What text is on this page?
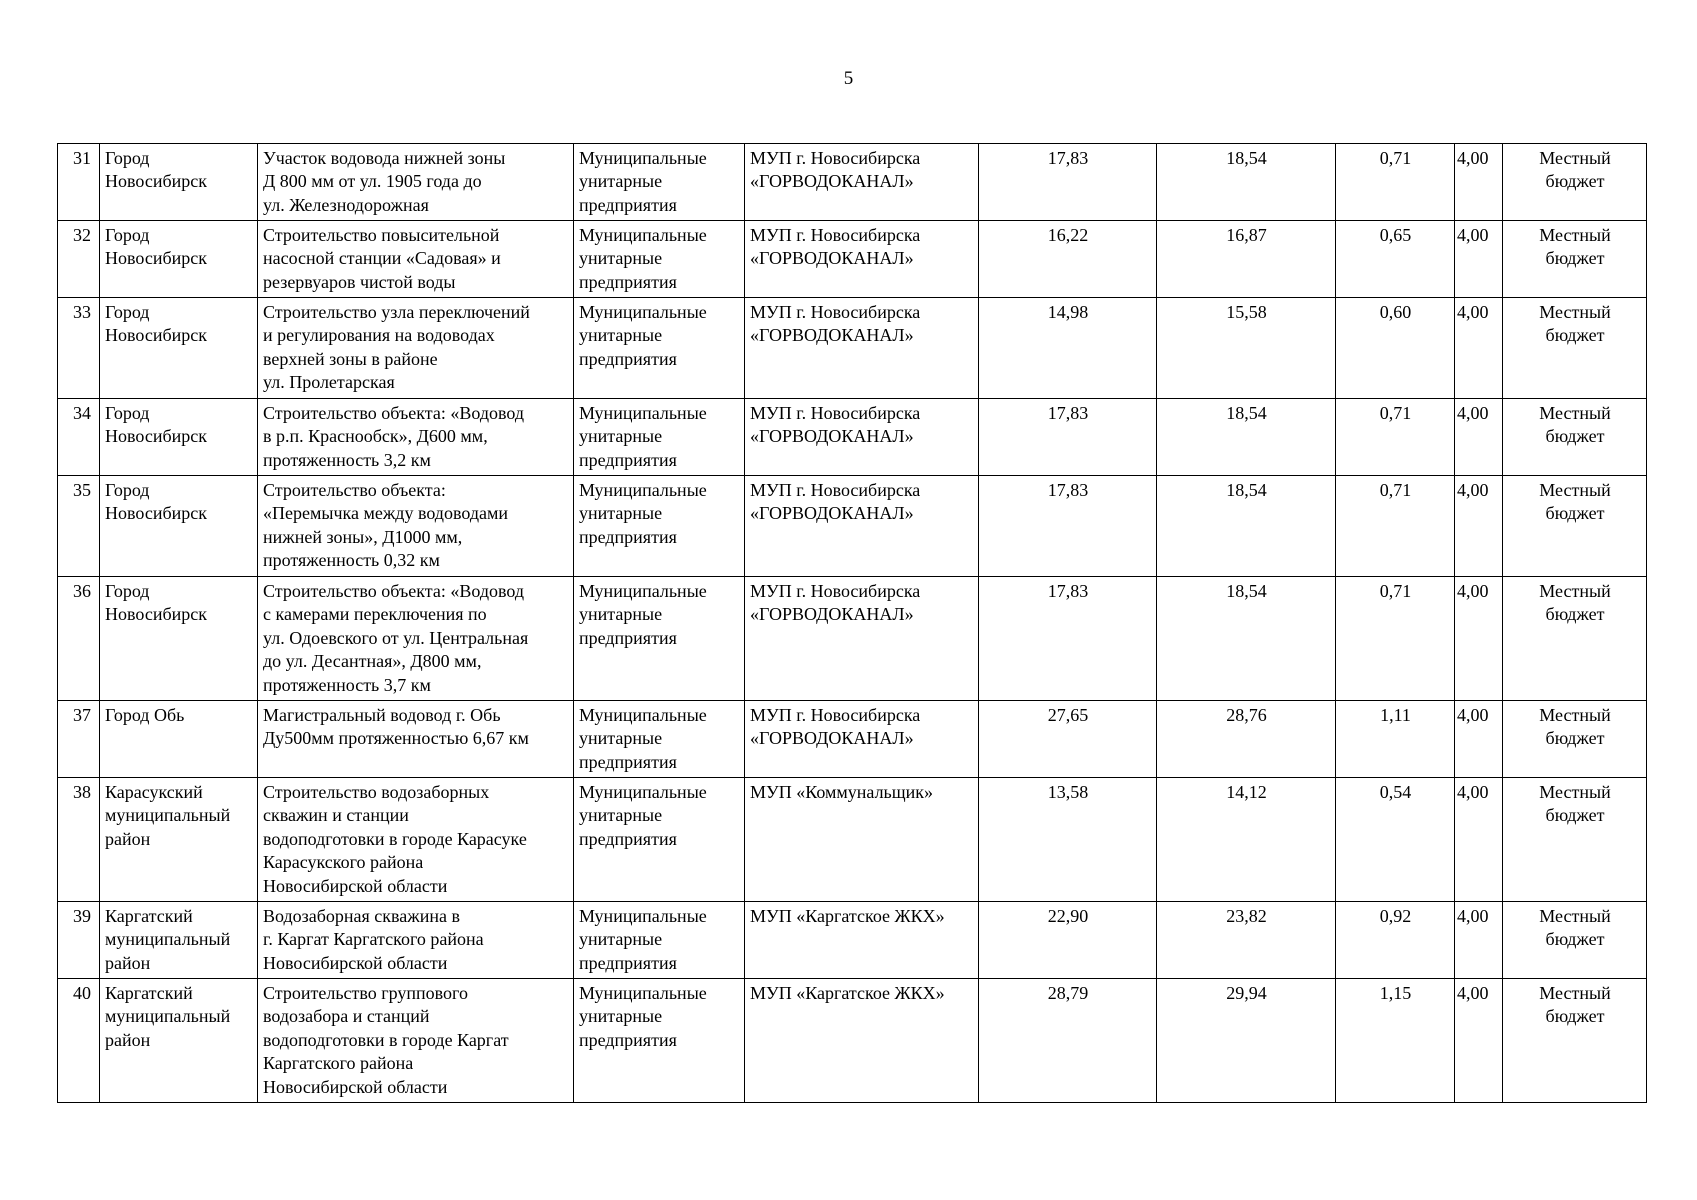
5
31	Город
Новосибирск	Участок водовода нижней зоны
Д 800 мм от ул. 1905 года до
ул. Железнодорожная	Муниципальные
унитарные
предприятия	МУП г. Новосибирска
«ГОРВОДОКАНАЛ»	17,83	18,54	0,71	4,00	Местный
бюджет
32	Город
Новосибирск	Строительство повысительной
насосной станции «Садовая» и
резервуаров чистой воды	Муниципальные
унитарные
предприятия	МУП г. Новосибирска
«ГОРВОДОКАНАЛ»	16,22	16,87	0,65	4,00	Местный
бюджет
33	Город
Новосибирск	Строительство узла переключений
и регулирования на водоводах
верхней зоны в районе
ул. Пролетарская	Муниципальные
унитарные
предприятия	МУП г. Новосибирска
«ГОРВОДОКАНАЛ»	14,98	15,58	0,60	4,00	Местный
бюджет
34	Город
Новосибирск	Строительство объекта: «Водовод
в р.п. Краснообск», Д600 мм,
протяженность 3,2 км	Муниципальные
унитарные
предприятия	МУП г. Новосибирска
«ГОРВОДОКАНАЛ»	17,83	18,54	0,71	4,00	Местный
бюджет
35	Город
Новосибирск	Строительство объекта:
«Перемычка между водоводами
нижней зоны», Д1000 мм,
протяженность 0,32 км	Муниципальные
унитарные
предприятия	МУП г. Новосибирска
«ГОРВОДОКАНАЛ»	17,83	18,54	0,71	4,00	Местный
бюджет
36	Город
Новосибирск	Строительство объекта: «Водовод
с камерами переключения по
ул. Одоевского от ул. Центральная
до ул. Десантная», Д800 мм,
протяженность 3,7 км	Муниципальные
унитарные
предприятия	МУП г. Новосибирска
«ГОРВОДОКАНАЛ»	17,83	18,54	0,71	4,00	Местный
бюджет
37	Город Обь	Магистральный водовод г. Обь
Ду500мм протяженностью 6,67 км	Муниципальные
унитарные
предприятия	МУП г. Новосибирска
«ГОРВОДОКАНАЛ»	27,65	28,76	1,11	4,00	Местный
бюджет
38	Карасукский
муниципальный
район	Строительство водозаборных
скважин и станции
водоподготовки в городе Карасуке
Карасукского района
Новосибирской области	Муниципальные
унитарные
предприятия	МУП «Коммунальщик»	13,58	14,12	0,54	4,00	Местный
бюджет
39	Каргатский
муниципальный
район	Водозаборная скважина в
г. Каргат Каргатского района
Новосибирской области	Муниципальные
унитарные
предприятия	МУП «Каргатское ЖКХ»	22,90	23,82	0,92	4,00	Местный
бюджет
40	Каргатский
муниципальный
район	Строительство группового
водозабора и станций
водоподготовки в городе Каргат
Каргатского района
Новосибирской области	Муниципальные
унитарные
предприятия	МУП «Каргатское ЖКХ»	28,79	29,94	1,15	4,00	Местный
бюджет
